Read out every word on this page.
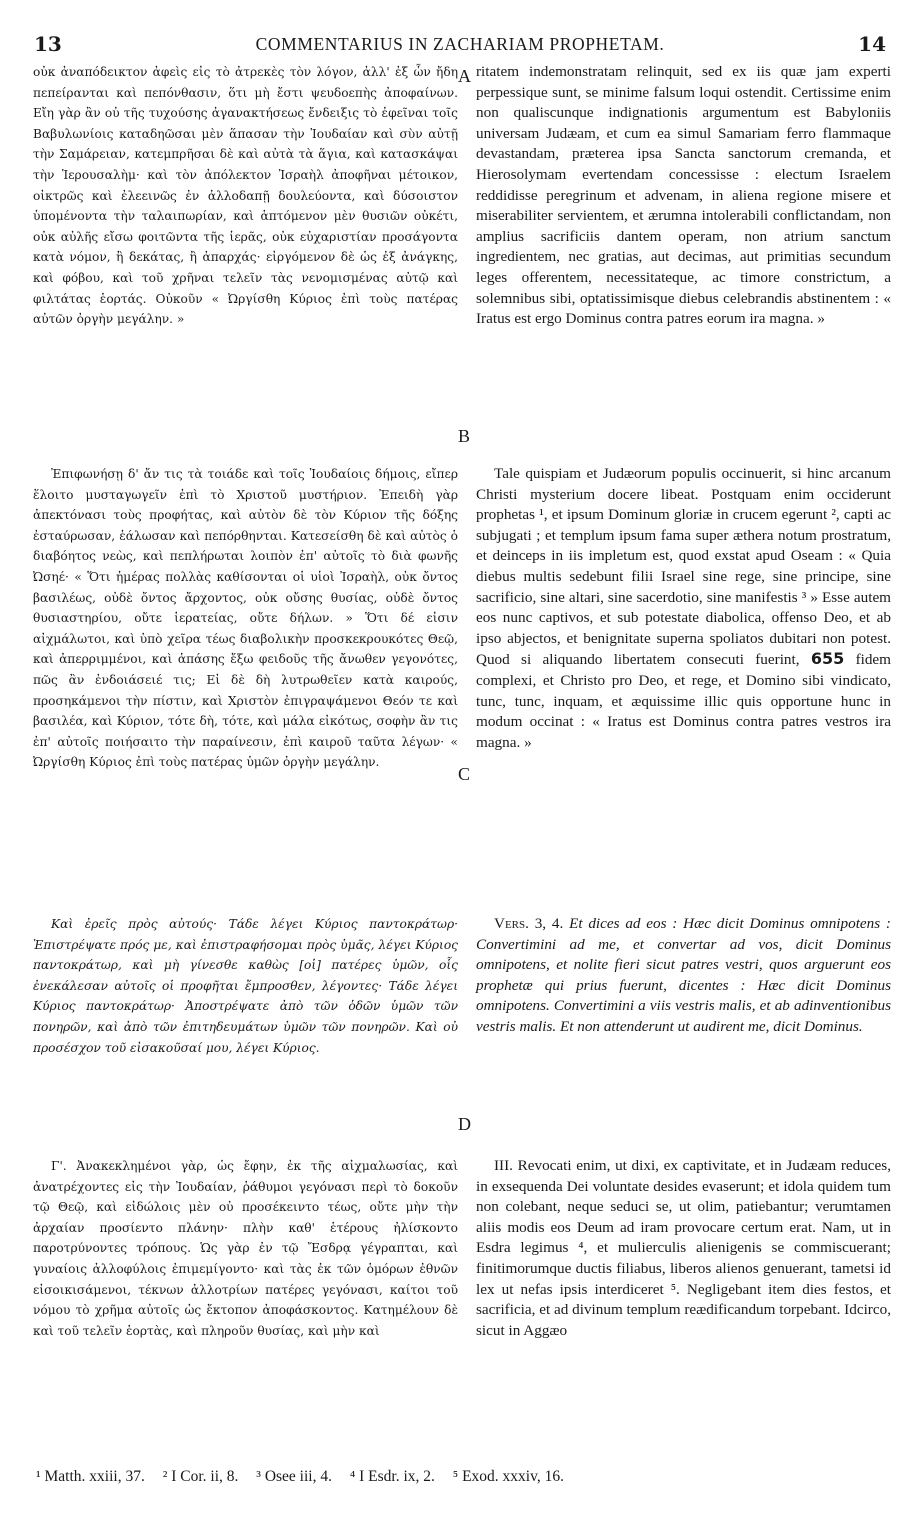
13	COMMENTARIUS IN ZACHARIAM PROPHETAM.	14

οὐκ ἀναπόδεικτον ἀφεὶς εἰς τὸ ἀτρεκὲς τὸν λόγον, ἀλλ' ἐξ ὧν ἤδη πεπείρανται καὶ πεπόνθασιν, ὅτι μὴ ἔστι ψευδοεπὴς ἀποφαίνων. Εἴη γὰρ ἂν οὐ τῆς τυχούσης ἀγανακτήσεως ἔνδειξις τὸ ἐφεῖναι τοῖς Βαβυλωνίοις καταδηῶσαι μὲν ἅπασαν τὴν Ἰουδαίαν καὶ σὺν αὐτῇ τὴν Σαμάρειαν, κατεμπρῆσαι δὲ καὶ αὐτὰ τὰ ἅγια, καὶ κατασκάψαι τὴν Ἱερουσαλὴμ· καὶ τὸν ἀπόλεκτον Ἰσραὴλ ἀποφῆναι μέτοικον, οἰκτρῶς καὶ ἐλεεινῶς ἐν ἀλλοδαπῇ δουλεύοντα, καὶ δύσοιστον ὑπομένοντα τὴν ταλαιπωρίαν, καὶ ἁπτόμενον μὲν θυσιῶν οὐκέτι, οὐκ αὐλῆς εἴσω φοιτῶντα τῆς ἱερᾶς, οὐκ εὐχαριστίαν προσάγοντα κατὰ νόμον, ἢ δεκάτας, ἢ ἀπαρχάς· εἰργόμενον δὲ ὡς ἐξ ἀνάγκης, καὶ φόβου, καὶ τοῦ χρῆναι τελεῖν τὰς νενομισμένας αὐτῷ καὶ φιλτάτας ἑορτάς. Οὐκοῦν « Ὠργίσθη Κύριος ἐπὶ τοὺς πατέρας αὐτῶν ὀργὴν μεγάλην. »

Ἐπιφωνήσῃ δ' ἄν τις τὰ τοιάδε καὶ τοῖς Ἰουδαίοις δήμοις, εἴπερ ἕλοιτο μυσταγωγεῖν ἐπὶ τὸ Χριστοῦ μυστήριον. Ἐπειδὴ γὰρ ἀπεκτόνασι τοὺς προφήτας, καὶ αὐτὸν δὲ τὸν Κύριον τῆς δόξης ἐσταύρωσαν, ἑάλωσαν καὶ πεπόρθηνται. Κατεσείσθη δὲ καὶ αὐτὸς ὁ διαβόητος νεὼς, καὶ πεπλήρωται λοιπὸν ἐπ' αὐτοῖς τὸ διὰ φωνῆς Ὠσηέ· « Ὅτι ἡμέρας πολλὰς καθίσονται οἱ υἱοὶ Ἰσραὴλ, οὐκ ὄντος βασιλέως, οὐδὲ ὄντος ἄρχοντος, οὐκ οὔσης θυσίας, οὐδὲ ὄντος θυσιαστηρίου, οὔτε ἱερατείας, οὔτε δήλων. » Ὅτι δέ εἰσιν αἰχμάλωτοι, καὶ ὑπὸ χεῖρα τέως διαβολικὴν προσκεκρουκότες Θεῷ, καὶ ἀπερριμμένοι, καὶ ἁπάσης ἔξω φειδοῦς τῆς ἄνωθεν γεγονότες, πῶς ἂν ἐνδοιάσειέ τις; Εἰ δὲ δὴ λυτρωθεῖεν κατὰ καιρούς, προσηκάμενοι τὴν πίστιν, καὶ Χριστὸν ἐπιγραψάμενοι Θεόν τε καὶ βασιλέα, καὶ Κύριον, τότε δὴ, τότε, καὶ μάλα εἰκότως, σοφὴν ἂν τις ἐπ' αὐτοῖς ποιήσαιτο τὴν παραίνεσιν, ἐπὶ καιροῦ ταῦτα λέγων· « Ὠργίσθη Κύριος ἐπὶ τοὺς πατέρας ὑμῶν ὀργὴν μεγάλην.

Καὶ ἐρεῖς πρὸς αὐτούς· Τάδε λέγει Κύριος παντοκράτωρ· Ἐπιστρέψατε πρός με, καὶ ἐπιστραφήσομαι πρὸς ὑμᾶς, λέγει Κύριος παντοκράτωρ, καὶ μὴ γίνεσθε καθὼς [οἱ] πατέρες ὑμῶν, οἷς ἐνεκάλεσαν αὐτοῖς οἱ προφῆται ἔμπροσθεν, λέγοντες· Τάδε λέγει Κύριος παντοκράτωρ· Ἀποστρέψατε ἀπὸ τῶν ὁδῶν ὑμῶν τῶν πονηρῶν, καὶ ἀπὸ τῶν ἐπιτηδευμάτων ὑμῶν τῶν πονηρῶν. Καὶ οὐ προσέσχον τοῦ εἰσακοῦσαί μου, λέγει Κύριος.

Γ'. Ἀνακεκλημένοι γὰρ, ὡς ἔφην, ἐκ τῆς αἰχμαλωσίας, καὶ ἀνατρέχοντες εἰς τὴν Ἰουδαίαν, ῥάθυμοι γεγόνασι περὶ τὸ δοκοῦν τῷ Θεῷ, καὶ εἰδώλοις μὲν οὐ προσέκειντο τέως, οὔτε μὴν τὴν ἀρχαίαν προσίεντο πλάνην· πλὴν καθ' ἑτέρους ἠλίσκοντο παροτρύνοντες τρόπους. Ὡς γὰρ ἐν τῷ Ἔσδρᾳ γέγραπται, καὶ γυναίοις ἀλλοφύλοις ἐπιμεμίγοντο· καὶ τὰς ἐκ τῶν ὁμόρων ἐθνῶν εἰσοικισάμενοι, τέκνων ἀλλοτρίων πατέρες γεγόνασι, καίτοι τοῦ νόμου τὸ χρῆμα αὐτοῖς ὡς ἔκτοπον ἀποφάσκοντος. Κατημέλουν δὲ καὶ τοῦ τελεῖν ἑορτὰς, καὶ πληροῦν θυσίας, καὶ μὴν καὶ

A
B
C
D

ritatem indemonstratam relinquit, sed ex iis quæ jam experti perpessique sunt, se minime falsum loqui ostendit. Certissime enim non qualiscunque indignationis argumentum est Babyloniis universam Judæam, et cum ea simul Samariam ferro flammaque devastandam, præterea ipsa Sancta sanctorum cremanda, et Hierosolymam evertendam concessisse : electum Israelem reddidisse peregrinum et advenam, in aliena regione misere et miserabiliter servientem, et ærumna intolerabili conflictandam, non amplius sacrificiis dantem operam, non atrium sanctum ingredientem, nec gratias, aut decimas, aut primitias secundum leges offerentem, necessitateque, ac timore constrictum, a solemnibus sibi, optatissimisque diebus celebrandis abstinentem : « Iratus est ergo Dominus contra patres eorum ira magna. »

Tale quispiam et Judæorum populis occinuerit, si hinc arcanum Christi mysterium docere libeat. Postquam enim occiderunt prophetas ¹, et ipsum Dominum gloriæ in crucem egerunt ², capti ac subjugati ; et templum ipsum fama super æthera notum prostratum, et deinceps in iis impletum est, quod exstat apud Oseam : « Quia diebus multis sedebunt filii Israel sine rege, sine principe, sine sacrificio, sine altari, sine sacerdotio, sine manifestis ³ » Esse autem eos nunc captivos, et sub potestate diabolica, offenso Deo, et ab ipso abjectos, et benignitate superna spoliatos dubitari non potest. Quod si aliquando libertatem consecuti fuerint, 655 fidem complexi, et Christo pro Deo, et rege, et Domino sibi vindicato, tunc, tunc, inquam, et æquissime illic quis opportune hunc in modum occinat : « Iratus est Dominus contra patres vestros ira magna. »

Vers. 3, 4. Et dices ad eos : Hæc dicit Dominus omnipotens : Convertimini ad me, et convertar ad vos, dicit Dominus omnipotens, et nolite fieri sicut patres vestri, quos arguerunt eos prophetæ qui prius fuerunt, dicentes : Hæc dicit Dominus omnipotens. Convertimini a viis vestris malis, et ab adinventionibus vestris malis. Et non attenderunt ut audirent me, dicit Dominus.

III. Revocati enim, ut dixi, ex captivitate, et in Judæam reduces, in exsequenda Dei voluntate desides evaserunt; et idola quidem tum non colebant, neque seduci se, ut olim, patiebantur; verumtamen aliis modis eos Deum ad iram provocare certum erat. Nam, ut in Esdra legimus ⁴, et mulierculis alienigenis se commiscuerant; finitimorumque ductis filiabus, liberos alienos genuerant, tametsi id lex ut nefas ipsis interdiceret ⁵. Negligebant item dies festos, et sacrificia, et ad divinum templum reædificandum torpebant. Idcirco, sicut in Aggæo

¹ Matth. xxiii, 37. ² I Cor. ii, 8. ³ Osee iii, 4. ⁴ I Esdr. ix, 2. ⁵ Exod. xxxiv, 16.
